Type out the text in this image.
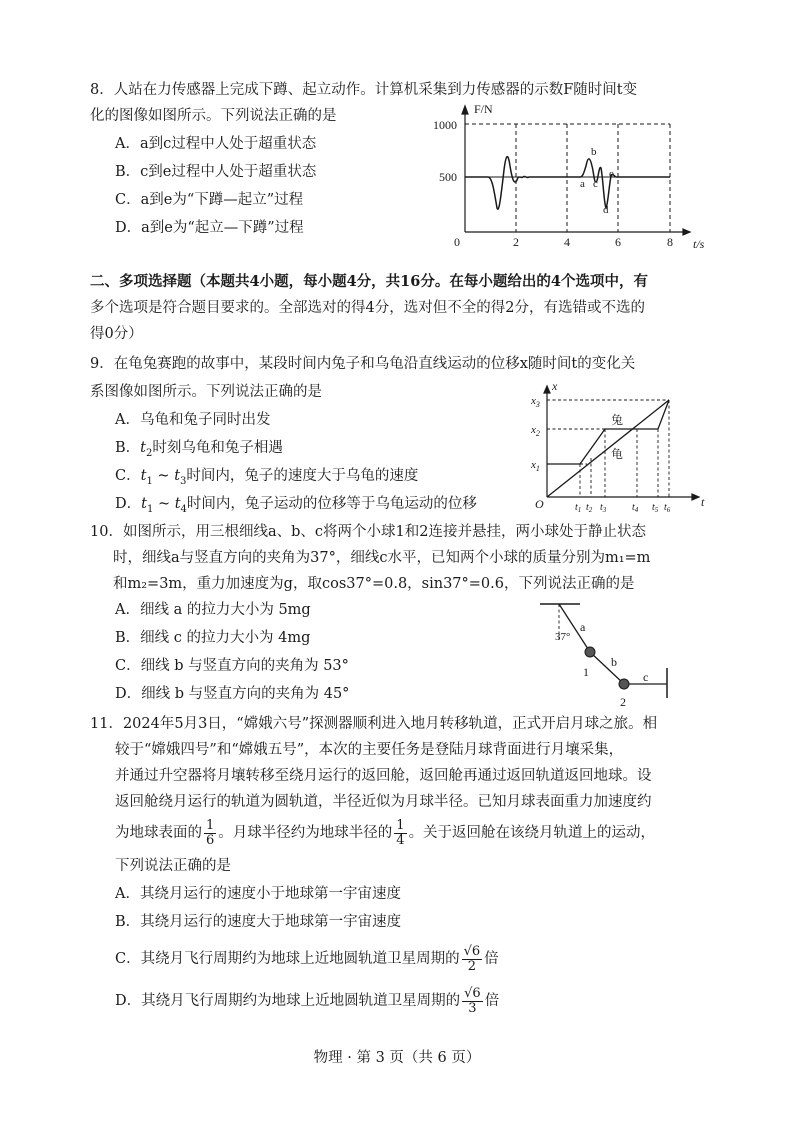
8．人站在力传感器上完成下蹲、起立动作。计算机采集到力传感器的示数F随时间t变
化的图像如图所示。下列说法正确的是
A．a到c过程中人处于超重状态
B．c到e过程中人处于超重状态
C．a到e为“下蹲—起立”过程
D．a到e为“起立—下蹲”过程
F/N
t/s
1000
500
0	2	4	6	8
a
b
c
d
e
二、多项选择题（本题共4小题，每小题4分，共16分。在每小题给出的4个选项中，有
多个选项是符合题目要求的。全部选对的得4分，选对但不全的得2分，有选错或不选的
得0分）
9．在龟兔赛跑的故事中，某段时间内兔子和乌龟沿直线运动的位移x随时间t的变化关
系图像如图所示。下列说法正确的是
A．乌龟和兔子同时出发
B．$t_2$时刻乌龟和兔子相遇
C．$t_1$ ~ $t_3$时间内，兔子的速度大于乌龟的速度
D．$t_1$ ~ $t_4$时间内，兔子运动的位移等于乌龟运动的位移
x
t
O
$x_3$
$x_2$
$x_1$
兔
龟
$t_1$ $t_2$ $t_3$	$t_4$ $t_5$ $t_6$
10．如图所示，用三根细线a、b、c将两个小球1和2连接并悬挂，两小球处于静止状态
时，细线a与竖直方向的夹角为37°，细线c水平，已知两个小球的质量分别为m₁=m
和m₂=3m，重力加速度为g，取cos37°=0.8，sin37°=0.6，下列说法正确的是
A．细线 a 的拉力大小为 5mg
B．细线 c 的拉力大小为 4mg
C．细线 b 与竖直方向的夹角为 53°
D．细线 b 与竖直方向的夹角为 45°
37°
a
b
c
1
2
11．2024年5月3日，“嫦娥六号”探测器顺利进入地月转移轨道，正式开启月球之旅。相
较于“嫦娥四号”和“嫦娥五号”，本次的主要任务是登陆月球背面进行月壤采集，
并通过升空器将月壤转移至绕月运行的返回舱，返回舱再通过返回轨道返回地球。设
返回舱绕月运行的轨道为圆轨道，半径近似为月球半径。已知月球表面重力加速度约
为地球表面的 $\frac{1}{6}$ 。月球半径约为地球半径的 $\frac{1}{4}$ 。关于返回舱在该绕月轨道上的运动，
下列说法正确的是
A．其绕月运行的速度小于地球第一宇宙速度
B．其绕月运行的速度大于地球第一宇宙速度
C．其绕月飞行周期约为地球上近地圆轨道卫星周期的 $\frac{√6}{2}$ 倍
D．其绕月飞行周期约为地球上近地圆轨道卫星周期的 $\frac{√6}{3}$ 倍
物理 · 第 3 页（共 6 页）
